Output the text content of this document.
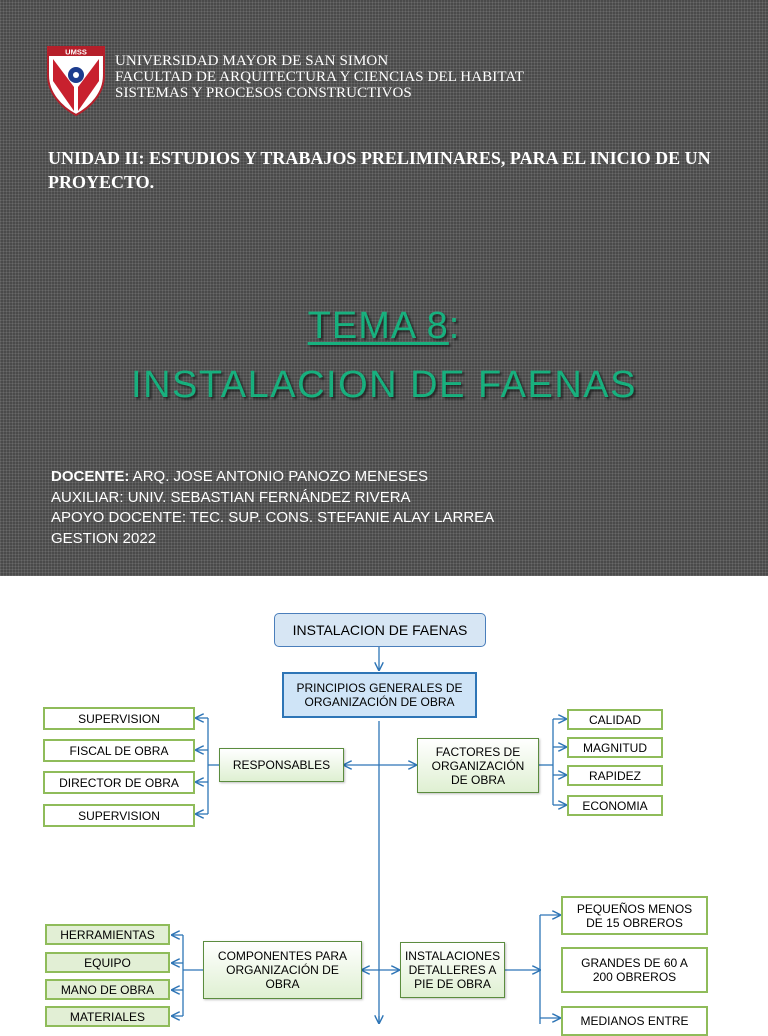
UMSS
UNIVERSIDAD MAYOR DE SAN SIMON
FACULTAD DE ARQUITECTURA Y CIENCIAS DEL HABITAT
SISTEMAS Y PROCESOS CONSTRUCTIVOS
UNIDAD II: ESTUDIOS Y TRABAJOS PRELIMINARES, PARA EL INICIO DE UN PROYECTO.
TEMA 8:
INSTALACION DE FAENAS
DOCENTE: ARQ. JOSE ANTONIO PANOZO MENESES
AUXILIAR: UNIV. SEBASTIAN FERNÁNDEZ RIVERA
APOYO DOCENTE: TEC. SUP. CONS. STEFANIE ALAY LARREA
GESTION 2022
INSTALACION DE FAENAS
PRINCIPIOS GENERALES DE ORGANIZACIÓN DE OBRA
RESPONSABLES
SUPERVISION
FISCAL DE OBRA
DIRECTOR DE OBRA
SUPERVISION
FACTORES DE ORGANIZACIÓN DE OBRA
CALIDAD
MAGNITUD
RAPIDEZ
ECONOMIA
COMPONENTES PARA ORGANIZACIÓN DE OBRA
HERRAMIENTAS
EQUIPO
MANO DE OBRA
MATERIALES
INSTALACIONES DETALLERES A PIE DE OBRA
PEQUEÑOS MENOS DE 15 OBREROS
GRANDES DE 60 A 200 OBREROS
MEDIANOS ENTRE
